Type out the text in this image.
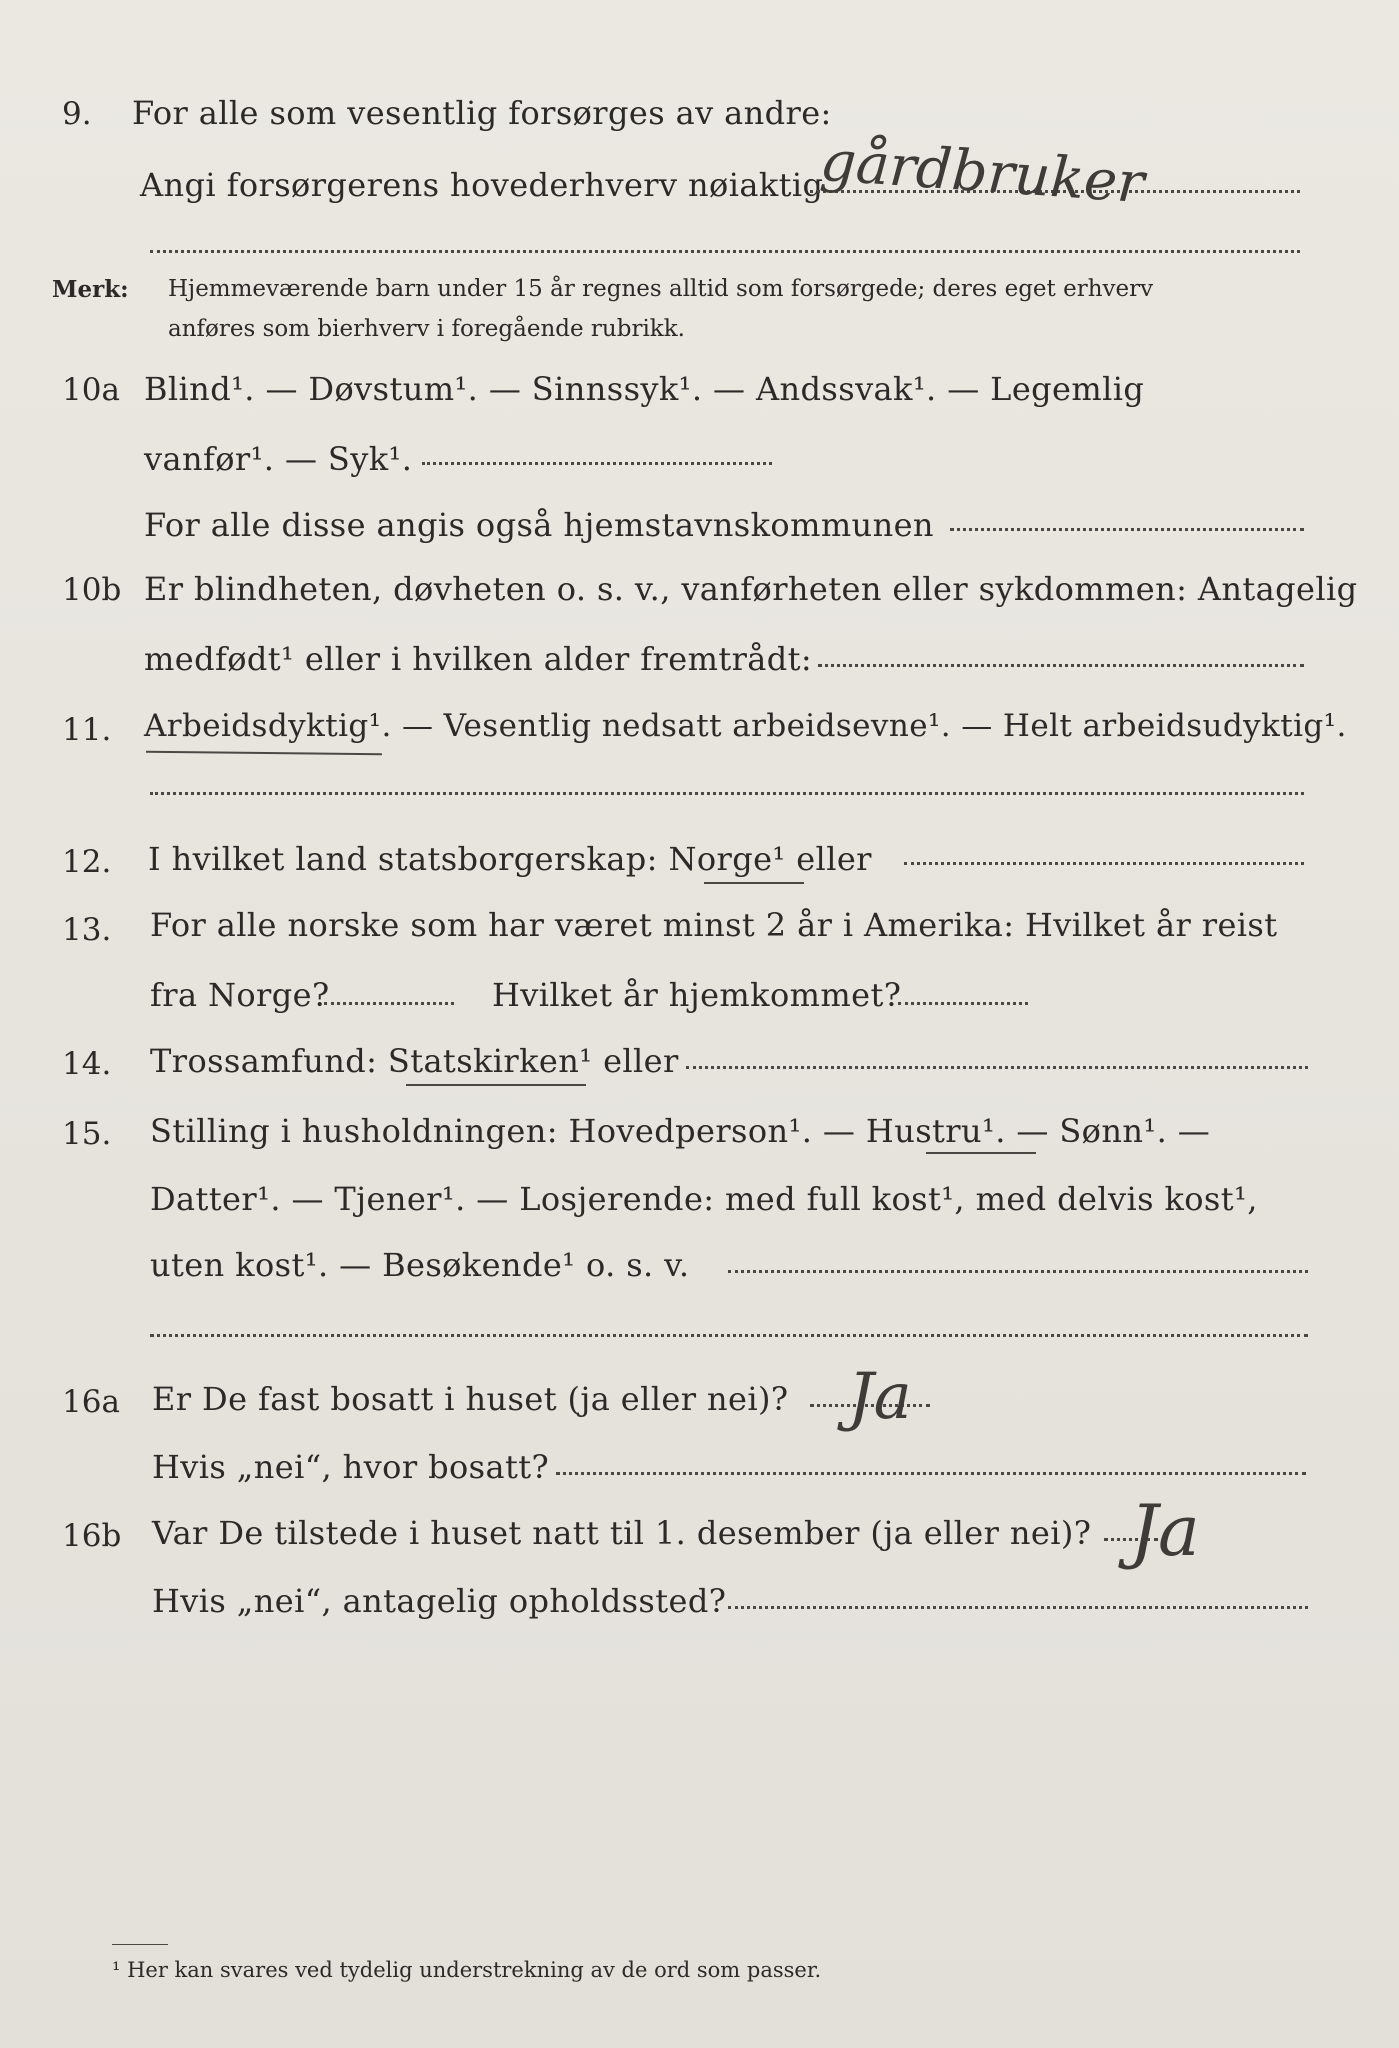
9. For alle som vesentlig forsørges av andre:
Angi forsørgerens hovederhverv nøiaktig
gårdbruker
Merk: Hjemmeværende barn under 15 år regnes alltid som forsørgede; deres eget erhverv
anføres som bierhverv i foregående rubrikk.
10a Blind¹. — Døvstum¹. — Sinnssyk¹. — Andssvak¹. — Legemlig
vanfør¹. — Syk¹.
For alle disse angis også hjemstavnskommunen
10b Er blindheten, døvheten o. s. v., vanførheten eller sykdommen: Antagelig
medfødt¹ eller i hvilken alder fremtrådt:
11. Arbeidsdyktig¹. — Vesentlig nedsatt arbeidsevne¹. — Helt arbeidsudyktig¹.
12. I hvilket land statsborgerskap: Norge¹ eller
13. For alle norske som har været minst 2 år i Amerika: Hvilket år reist
fra Norge?	Hvilket år hjemkommet?
14. Trossamfund: Statskirken¹ eller
15. Stilling i husholdningen: Hovedperson¹. — Hustru¹. — Sønn¹. —
Datter¹. — Tjener¹. — Losjerende: med full kost¹, med delvis kost¹,
uten kost¹. — Besøkende¹ o. s. v.
16a Er De fast bosatt i huset (ja eller nei)? Ja
Hvis „nei“, hvor bosatt?
16b Var De tilstede i huset natt til 1. desember (ja eller nei)? Ja
Hvis „nei“, antagelig opholdssted?
¹ Her kan svares ved tydelig understrekning av de ord som passer.
